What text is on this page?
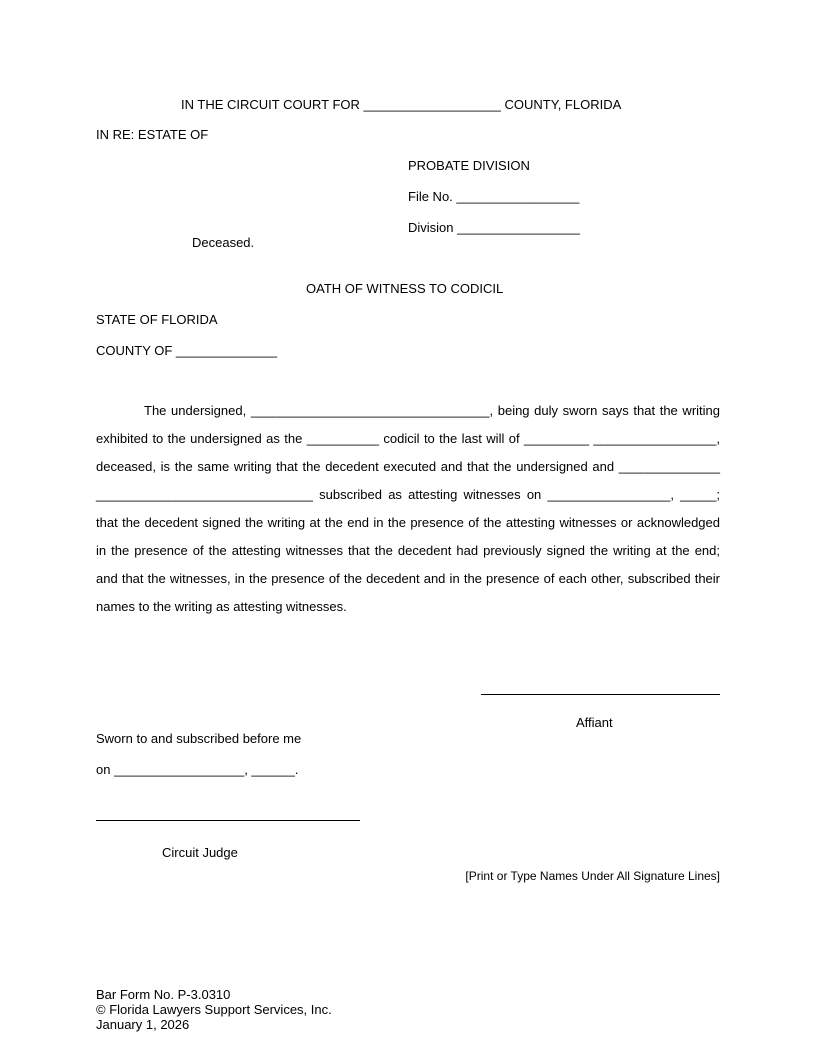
IN THE CIRCUIT COURT FOR ___________________ COUNTY, FLORIDA
IN RE: ESTATE OF
PROBATE DIVISION
File No. _________________
Division _________________
Deceased.
OATH OF WITNESS TO CODICIL
STATE OF FLORIDA
COUNTY OF ______________
The undersigned, _________________________________, being duly sworn says that the writing exhibited to the undersigned as the __________ codicil to the last will of _________ _________________, deceased, is the same writing that the decedent executed and that the undersigned and ______________ ______________________________ subscribed as attesting witnesses on _________________, _____; that the decedent signed the writing at the end in the presence of the attesting witnesses or acknowledged in the presence of the attesting witnesses that the decedent had previously signed the writing at the end; and that the witnesses, in the presence of the decedent and in the presence of each other, subscribed their names to the writing as attesting witnesses.
Affiant
Sworn to and subscribed before me
on __________________, ______.
Circuit Judge
[Print or Type Names Under All Signature Lines]
Bar Form No. P-3.0310
© Florida Lawyers Support Services, Inc.
January 1, 2026
